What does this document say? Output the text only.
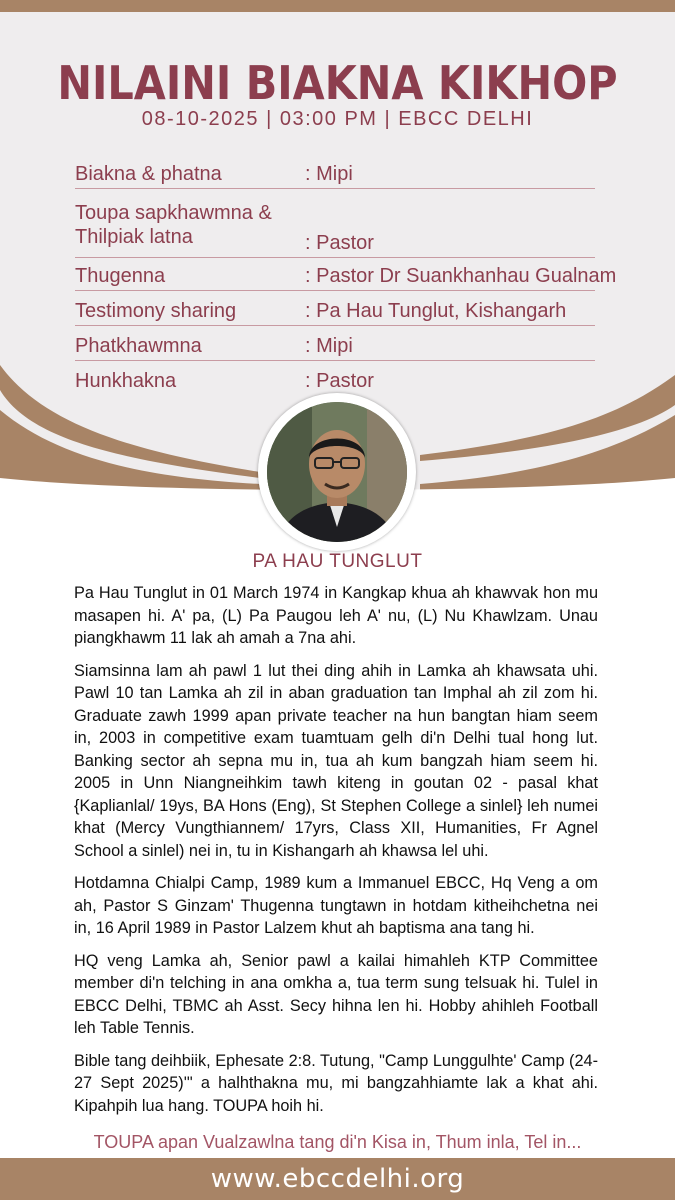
NILAINI BIAKNA KIKHOP
08-10-2025 | 03:00 PM | EBCC DELHI
Biakna & phatna	: Mipi
Toupa sapkhawmna & Thilpiak latna	: Pastor
Thugenna	: Pastor Dr Suankhanhau Gualnam
Testimony sharing	: Pa Hau Tunglut, Kishangarh
Phatkhawmna	: Mipi
Hunkhakna	: Pastor
PA HAU TUNGLUT

Pa Hau Tunglut in 01 March 1974 in Kangkap khua ah khawvak hon mu masapen hi. A' pa, (L) Pa Paugou leh A' nu, (L) Nu Khawlzam. Unau piangkhawm 11 lak ah amah a 7na ahi.

Siamsinna lam ah pawl 1 lut thei ding ahih in Lamka ah khawsata uhi. Pawl 10 tan Lamka ah zil in aban graduation tan Imphal ah zil zom hi. Graduate zawh 1999 apan private teacher na hun bangtan hiam seem in, 2003 in competitive exam tuamtuam gelh di'n Delhi tual hong lut. Banking sector ah sepna mu in, tua ah kum bangzah hiam seem hi. 2005 in Unn Niangneihkim tawh kiteng in goutan 02 - pasal khat {Kaplianlal/ 19ys, BA Hons (Eng), St Stephen College a sinlel} leh numei khat (Mercy Vungthiannem/ 17yrs, Class XII, Humanities, Fr Agnel School a sinlel) nei in, tu in Kishangarh ah khawsa lel uhi.

Hotdamna Chialpi Camp, 1989 kum a Immanuel EBCC, Hq Veng a om ah, Pastor S Ginzam' Thugenna tungtawn in hotdam kitheihchetna nei in, 16 April 1989 in Pastor Lalzem khut ah baptisma ana tang hi.

HQ veng Lamka ah, Senior pawl a kailai himahleh KTP Committee member di'n telching in ana omkha a, tua term sung telsuak hi. Tulel in EBCC Delhi, TBMC ah Asst. Secy hihna len hi. Hobby ahihleh Football leh Table Tennis.

Bible tang deihbiik, Ephesate 2:8. Tutung, "Camp Lunggulhte' Camp (24-27 Sept 2025)'" a halhthakna mu, mi bangzahhiamte lak a khat ahi. Kipahpih lua hang. TOUPA hoih hi.

TOUPA apan Vualzawlna tang di'n Kisa in, Thum inla, Tel in...
www.ebccdelhi.org
